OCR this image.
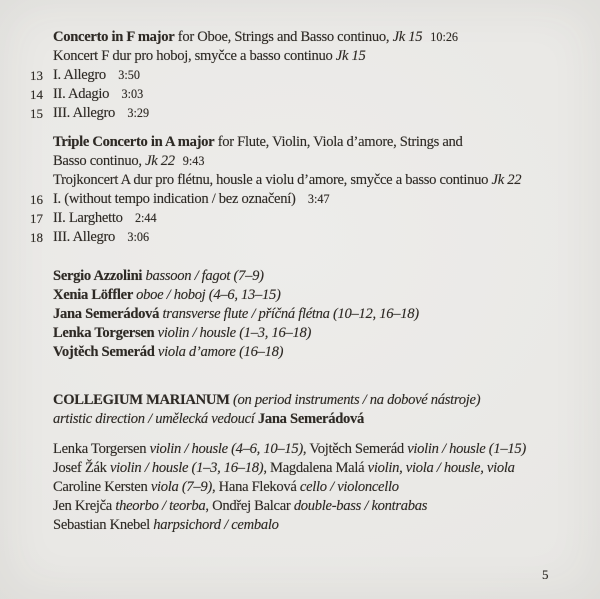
Concerto in F major for Oboe, Strings and Basso continuo, Jk 15 10:26
Koncert F dur pro hoboj, smyčce a basso continuo Jk 15
13 I. Allegro 3:50
14 II. Adagio 3:03
15 III. Allegro 3:29
Triple Concerto in A major for Flute, Violin, Viola d’amore, Strings and
Basso continuo, Jk 22 9:43
Trojkoncert A dur pro flétnu, housle a violu d’amore, smyčce a basso continuo Jk 22
16 I. (without tempo indication / bez označení) 3:47
17 II. Larghetto 2:44
18 III. Allegro 3:06
Sergio Azzolini bassoon / fagot (7–9)
Xenia Löffler oboe / hoboj (4–6, 13–15)
Jana Semerádová transverse flute / příčná flétna (10–12, 16–18)
Lenka Torgersen violin / housle (1–3, 16–18)
Vojtěch Semerád viola d’amore (16–18)
COLLEGIUM MARIANUM (on period instruments / na dobové nástroje)
artistic direction / umělecká vedoucí Jana Semerádová
Lenka Torgersen violin / housle (4–6, 10–15), Vojtěch Semerád violin / housle (1–15)
Josef Žák violin / housle (1–3, 16–18), Magdalena Malá violin, viola / housle, viola
Caroline Kersten viola (7–9), Hana Fleková cello / violoncello
Jen Krejča theorbo / teorba, Ondřej Balcar double-bass / kontrabas
Sebastian Knebel harpsichord / cembalo
5
